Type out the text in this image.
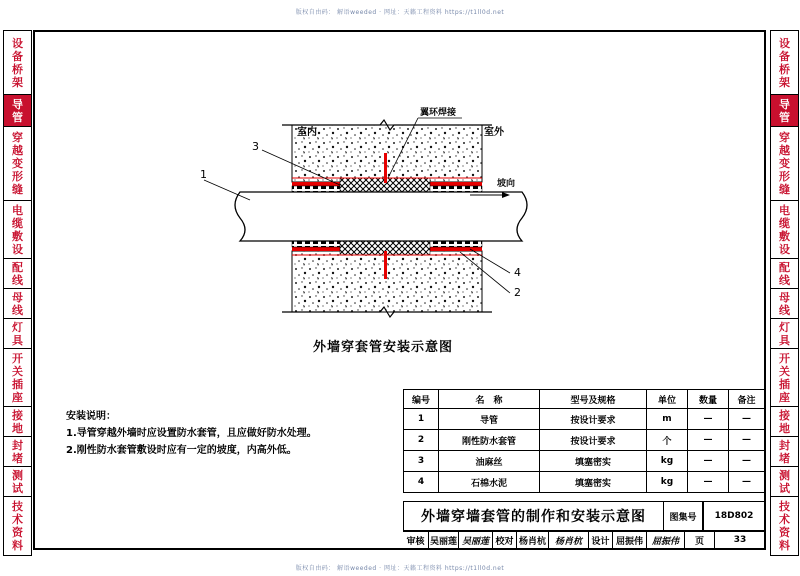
版权自由码： 解语weeded · 网址：天籁工程资料 https://t1ll0d.net
版权自由码： 解语weeded · 网址：天籁工程资料 https://t1ll0d.net
设
备
桥
架
导
管
穿
越
变
形
缝
电
缆
敷
设
配
线
母
线
灯
具
开
关
插
座
接
地
封
堵
测
试
技
术
资
料
设
备
桥
架
导
管
穿
越
变
形
缝
电
缆
敷
设
配
线
母
线
灯
具
开
关
插
座
接
地
封
堵
测
试
技
术
资
料
室内	室外
翼环焊接
坡向
1
2
3
4
外墙穿套管安装示意图
安装说明：
1.导管穿越外墙时应设置防水套管，且应做好防水处理。
2.刚性防水套管敷设时应有一定的坡度，内高外低。
编号	名　称	型号及规格	单位	数量	备注
1	导管	按设计要求	m	—	—
2	刚性防水套管	按设计要求	个	—	—
3	油麻丝	填塞密实	kg	—	—
4	石棉水泥	填塞密实	kg	—	—
外墙穿墙套管的制作和安装示意图	图集号	18D802
审核 吴丽莲 吴丽莲 校对 杨肖杭 杨肖杭	设计 屈振伟 屈振伟	页	33
